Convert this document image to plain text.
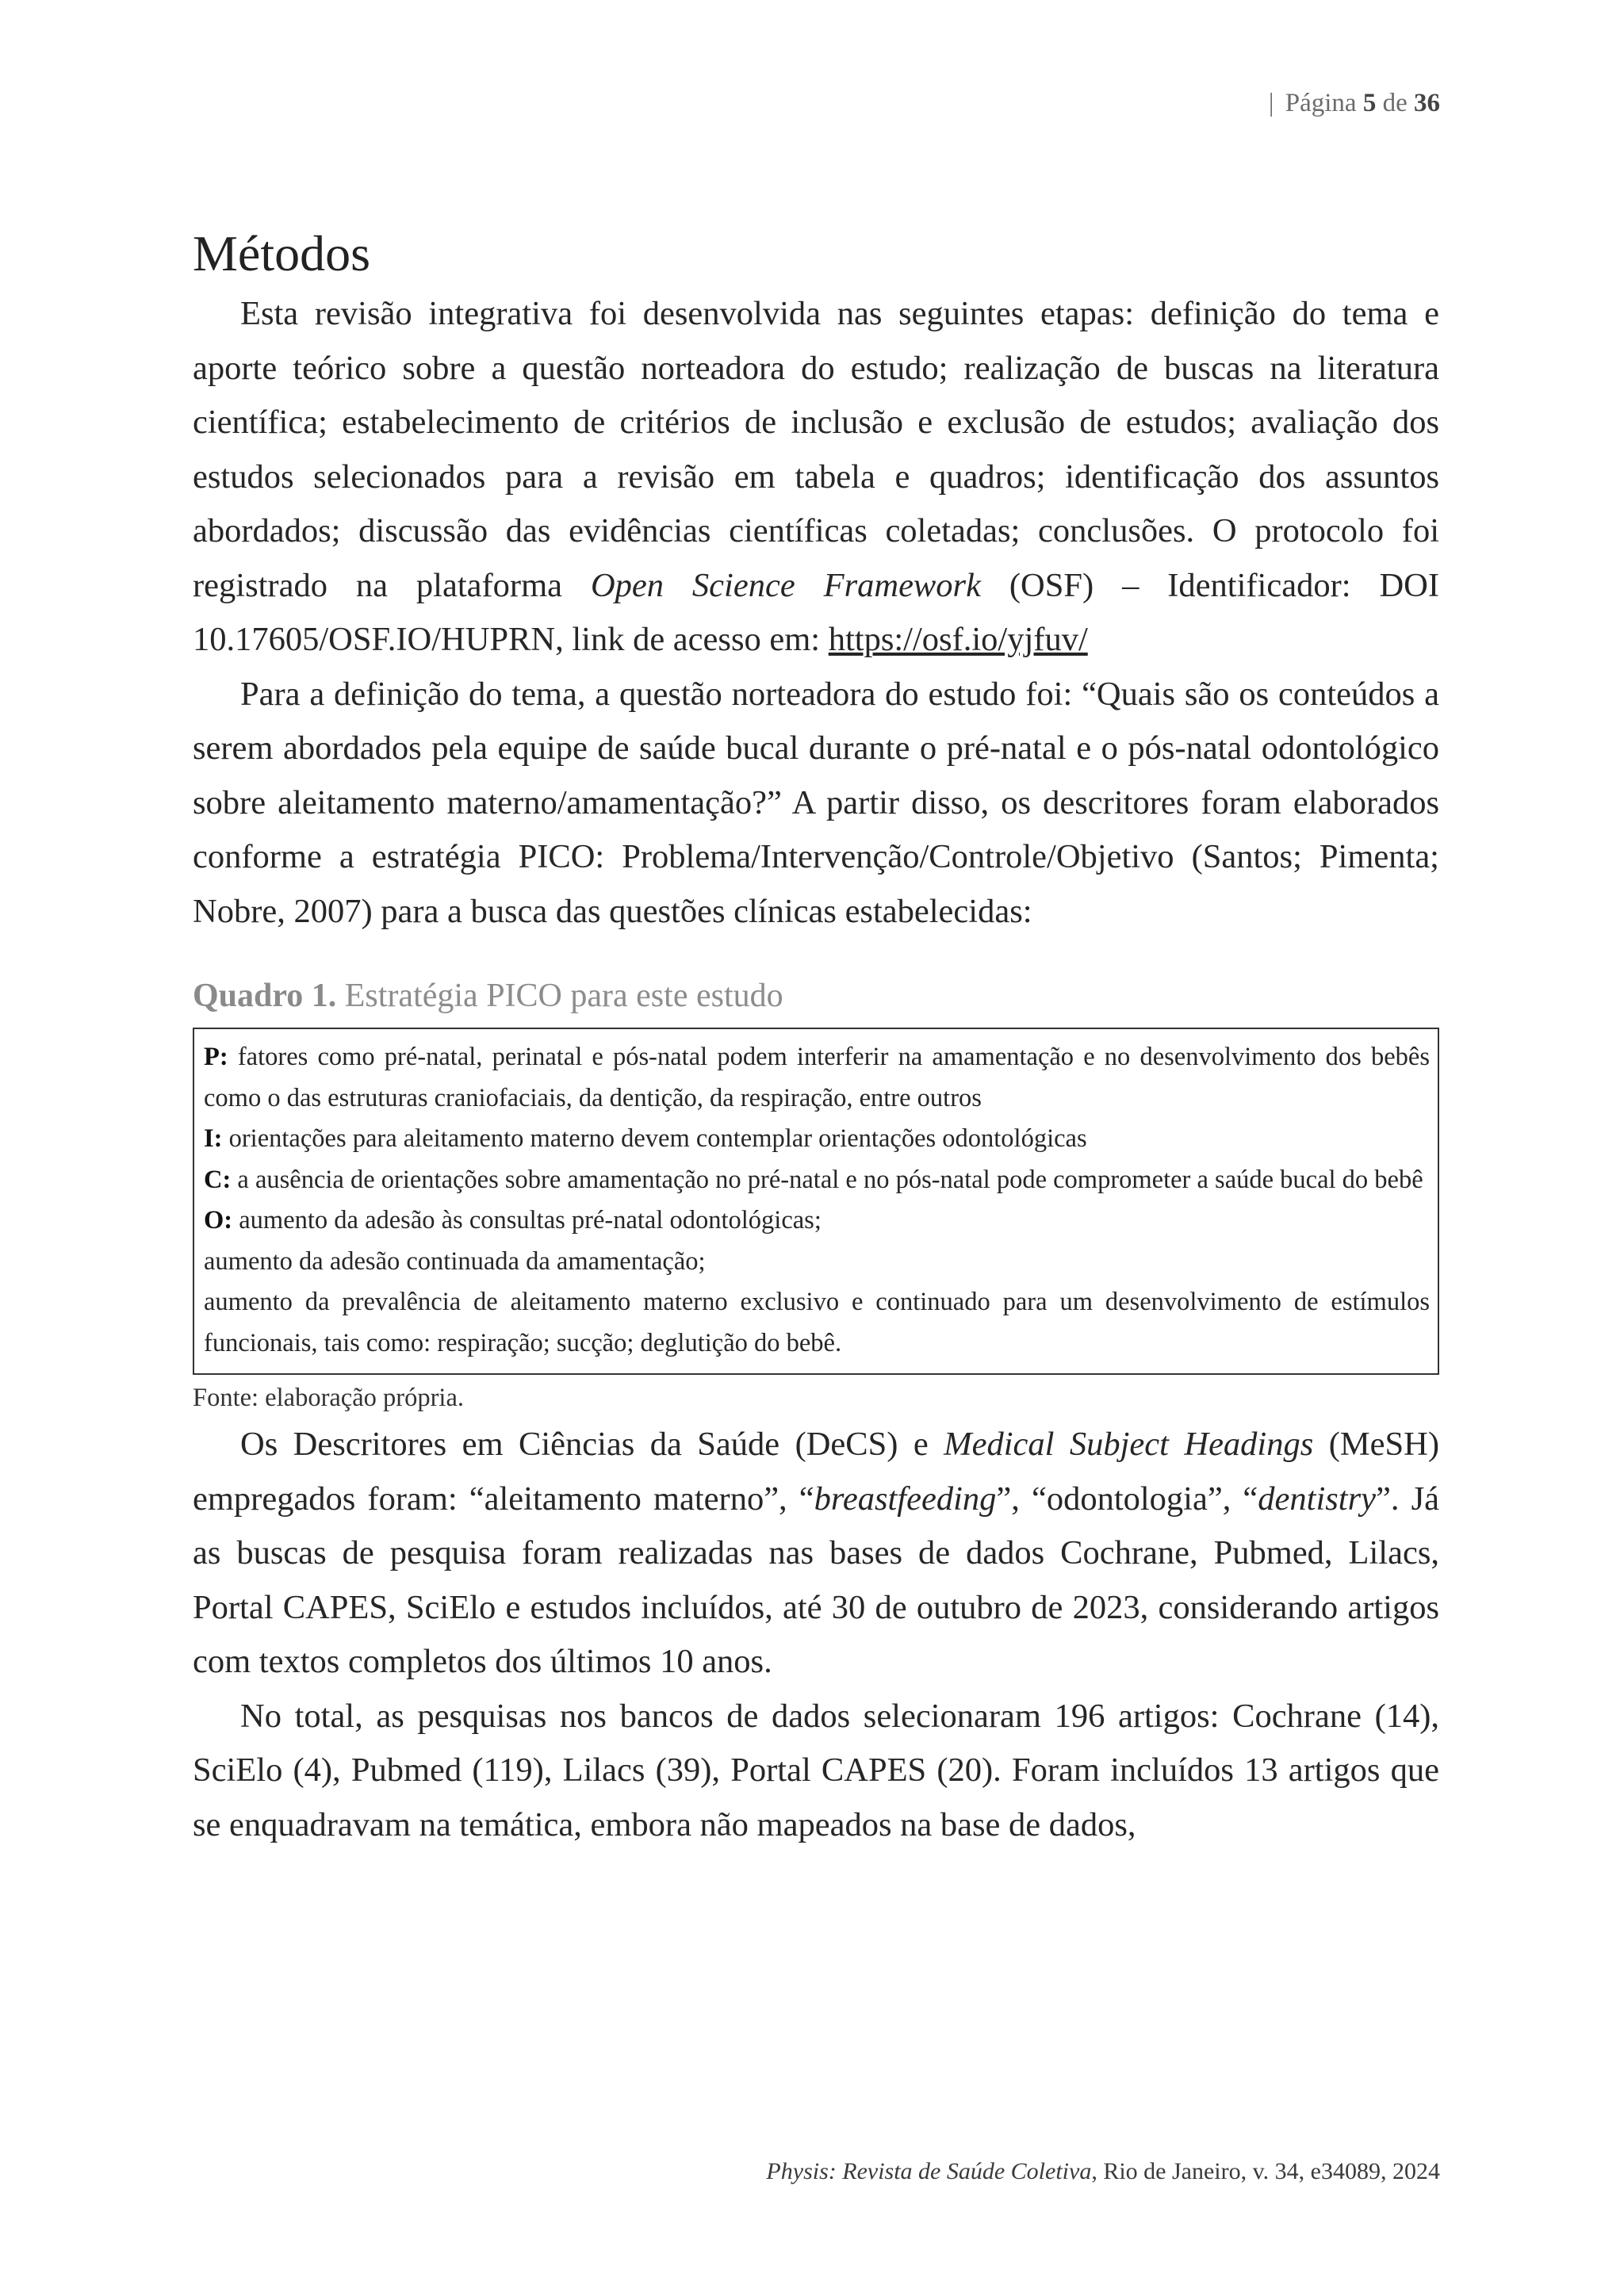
| Página 5 de 36
Métodos

Esta revisão integrativa foi desenvolvida nas seguintes etapas: definição do tema e aporte teórico sobre a questão norteadora do estudo; realização de buscas na literatura científica; estabelecimento de critérios de inclusão e exclusão de estudos; avaliação dos estudos selecionados para a revisão em tabela e quadros; identificação dos assuntos abordados; discussão das evidências científicas coletadas; conclusões. O protocolo foi registrado na plataforma Open Science Framework (OSF) – Identificador: DOI 10.17605/OSF.IO/HUPRN, link de acesso em: https://osf.io/yjfuv/

Para a definição do tema, a questão norteadora do estudo foi: “Quais são os conteúdos a serem abordados pela equipe de saúde bucal durante o pré-natal e o pós-natal odontológico sobre aleitamento materno/amamentação?” A partir disso, os descritores foram elaborados conforme a estratégia PICO: Problema/Intervenção/Controle/Objetivo (Santos; Pimenta; Nobre, 2007) para a busca das questões clínicas estabelecidas:

Quadro 1. Estratégia PICO para este estudo
P: fatores como pré-natal, perinatal e pós-natal podem interferir na amamentação e no desenvolvimento dos bebês como o das estruturas craniofaciais, da dentição, da respiração, entre outros
I: orientações para aleitamento materno devem contemplar orientações odontológicas
C: a ausência de orientações sobre amamentação no pré-natal e no pós-natal pode comprometer a saúde bucal do bebê
O: aumento da adesão às consultas pré-natal odontológicas;
aumento da adesão continuada da amamentação;
aumento da prevalência de aleitamento materno exclusivo e continuado para um desenvolvimento de estímulos funcionais, tais como: respiração; sucção; deglutição do bebê.
Fonte: elaboração própria.

Os Descritores em Ciências da Saúde (DeCS) e Medical Subject Headings (MeSH) empregados foram: “aleitamento materno”, “breastfeeding”, “odontologia”, “dentistry”. Já as buscas de pesquisa foram realizadas nas bases de dados Cochrane, Pubmed, Lilacs, Portal CAPES, SciElo e estudos incluídos, até 30 de outubro de 2023, considerando artigos com textos completos dos últimos 10 anos.

No total, as pesquisas nos bancos de dados selecionaram 196 artigos: Cochrane (14), SciElo (4), Pubmed (119), Lilacs (39), Portal CAPES (20). Foram incluídos 13 artigos que se enquadravam na temática, embora não mapeados na base de dados,

Physis: Revista de Saúde Coletiva, Rio de Janeiro, v. 34, e34089, 2024
